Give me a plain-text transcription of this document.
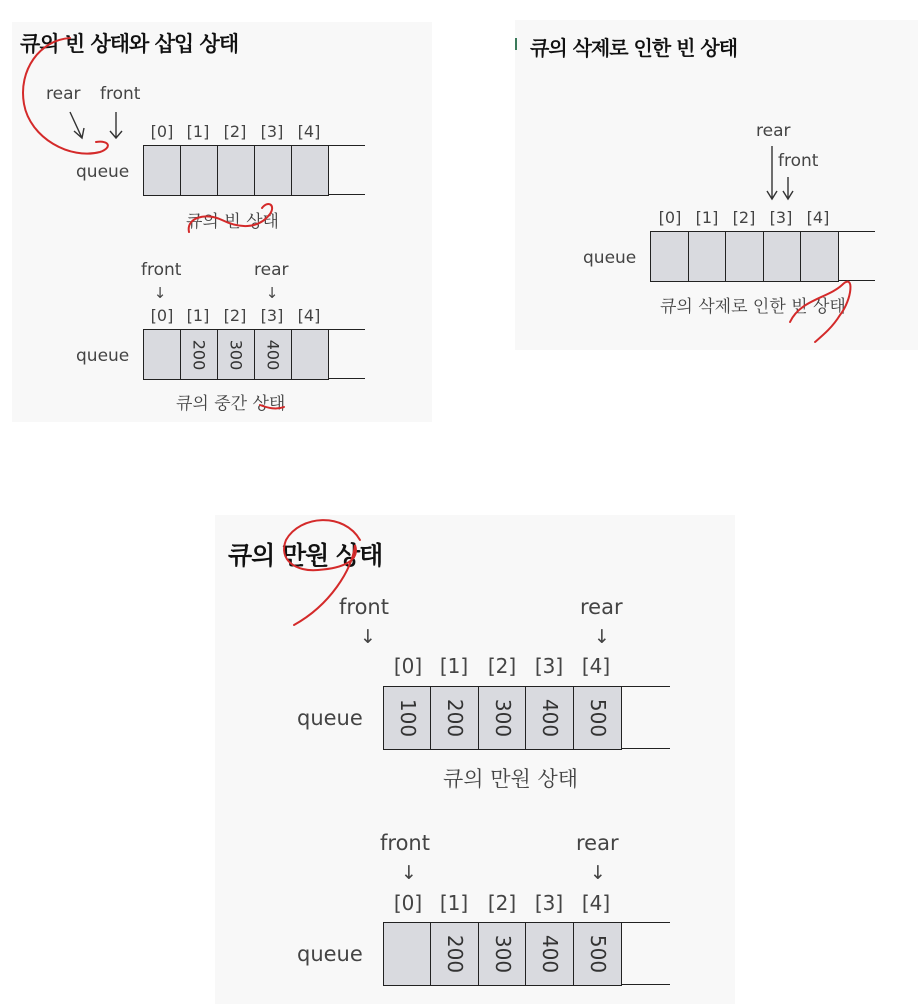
큐의 빈 상태와 삽입 상태
rear front
[0] [1] [2] [3] [4]
queue
큐의 빈 상태
front	rear
↓	↓
[0] [1] [2] [3] [4]
queue	200 300 400
큐의 중간 상태
큐의 삭제로 인한 빈 상태
rear
front
[0] [1] [2] [3] [4]
queue
큐의 삭제로 인한 빈 상태
큐의 만원 상태
front	rear
↓	↓
[0] [1] [2] [3] [4]
queue 100 200 300 400 500
큐의 만원 상태
front	rear
↓	↓
[0] [1] [2] [3] [4]
queue	200 300 400 500
